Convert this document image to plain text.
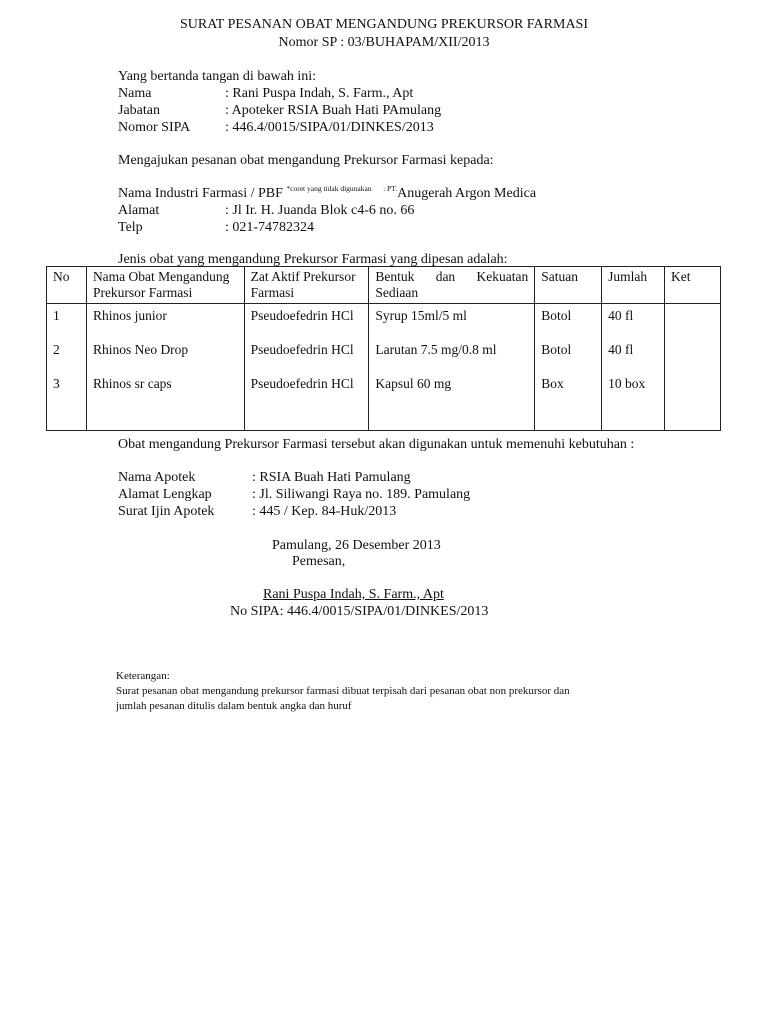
SURAT PESANAN OBAT MENGANDUNG PREKURSOR FARMASI
Nomor SP : 03/BUHAPAM/XII/2013
Yang bertanda tangan di bawah ini:
Nama	: Rani Puspa Indah, S. Farm., Apt
Jabatan	: Apoteker RSIA Buah Hati PAmulang
Nomor SIPA : 446.4/0015/SIPA/01/DINKES/2013
Mengajukan pesanan obat mengandung Prekursor Farmasi kepada:
Nama Industri Farmasi / PBF $^{*coret yang tidak digunakan}$ $^{: PT.}$Anugerah Argon Medica
Alamat	: Jl Ir. H. Juanda Blok c4-6 no. 66
Telp	: 021-74782324
Jenis obat yang mengandung Prekursor Farmasi yang dipesan adalah:
No	Nama Obat Mengandung Prekursor Farmasi	Zat Aktif Prekursor Farmasi	Bentuk dan Kekuatan
Sediaan	Satuan	Jumlah	Ket
1	Rhinos junior	Pseudoefedrin HCl	Syrup 15ml/5 ml	Botol	40 fl	
2	Rhinos Neo Drop	Pseudoefedrin HCl	Larutan 7.5 mg/0.8 ml	Botol	40 fl	
3	Rhinos sr caps	Pseudoefedrin HCl	Kapsul 60 mg	Box	10 box	

Obat mengandung Prekursor Farmasi tersebut akan digunakan untuk memenuhi kebutuhan :
Nama Apotek	: RSIA Buah Hati Pamulang
Alamat Lengkap	: Jl. Siliwangi Raya no. 189. Pamulang
Surat Ijin Apotek	: 445 / Kep. 84-Huk/2013
Pamulang, 26 Desember 2013
Pemesan,
Rani Puspa Indah, S. Farm., Apt
No SIPA: 446.4/0015/SIPA/01/DINKES/2013
Keterangan:
Surat pesanan obat mengandung prekursor farmasi dibuat terpisah dari pesanan obat non prekursor dan
jumlah pesanan ditulis dalam bentuk angka dan huruf
